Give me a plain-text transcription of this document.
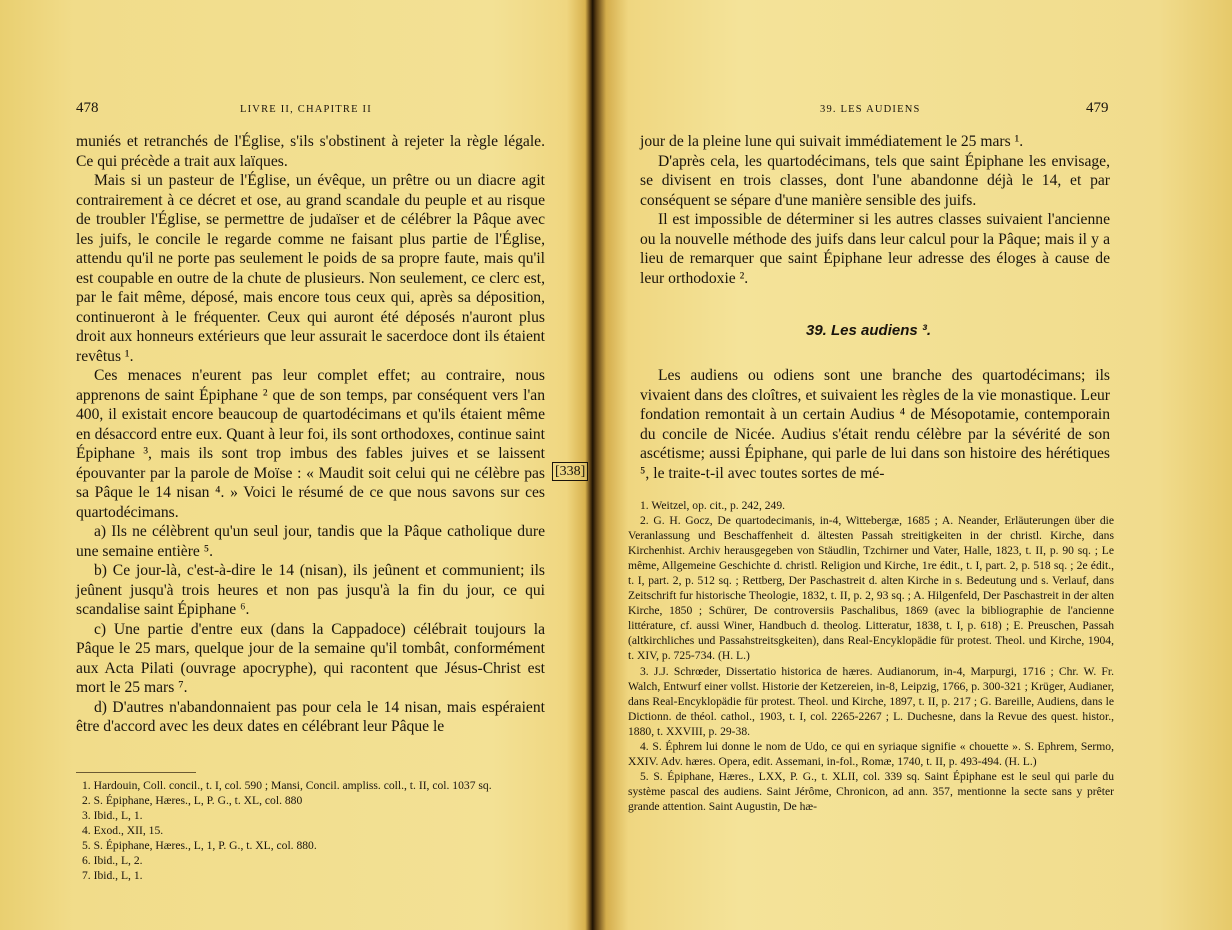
478	LIVRE II, CHAPITRE II

muniés et retranchés de l'Église, s'ils s'obstinent à rejeter la règle légale. Ce qui précède a trait aux laïques.

Mais si un pasteur de l'Église, un évêque, un prêtre ou un diacre agit contrairement à ce décret et ose, au grand scandale du peuple et au risque de troubler l'Église, se permettre de judaïser et de célébrer la Pâque avec les juifs, le concile le regarde comme ne faisant plus partie de l'Église, attendu qu'il ne porte pas seulement le poids de sa propre faute, mais qu'il est coupable en outre de la chute de plusieurs. Non seulement, ce clerc est, par le fait même, déposé, mais encore tous ceux qui, après sa déposition, continueront à le fréquenter. Ceux qui auront été déposés n'auront plus droit aux honneurs extérieurs que leur assurait le sacerdoce dont ils étaient revêtus ¹.

Ces menaces n'eurent pas leur complet effet; au contraire, nous apprenons de saint Épiphane ² que de son temps, par conséquent vers l'an 400, il existait encore beaucoup de quartodécimans et qu'ils étaient même en désaccord entre eux. Quant à leur foi, ils sont orthodoxes, continue saint Épiphane ³, mais ils sont trop imbus des fables juives et se laissent épouvanter par la parole de Moïse : « Maudit soit celui qui ne célèbre pas sa Pâque le 14 nisan ⁴. » Voici le résumé de ce que nous savons sur ces quartodécimans.

a) Ils ne célèbrent qu'un seul jour, tandis que la Pâque catholique dure une semaine entière ⁵.

b) Ce jour-là, c'est-à-dire le 14 (nisan), ils jeûnent et communient; ils jeûnent jusqu'à trois heures et non pas jusqu'à la fin du jour, ce qui scandalise saint Épiphane ⁶.

c) Une partie d'entre eux (dans la Cappadoce) célébrait toujours la Pâque le 25 mars, quelque jour de la semaine qu'il tombât, conformément aux Acta Pilati (ouvrage apocryphe), qui racontent que Jésus-Christ est mort le 25 mars ⁷.

d) D'autres n'abandonnaient pas pour cela le 14 nisan, mais espéraient être d'accord avec les deux dates en célébrant leur Pâque le

[338]

1. Hardouin, Coll. concil., t. I, col. 590 ; Mansi, Concil. ampliss. coll., t. II, col. 1037 sq.

2. S. Épiphane, Hæres., L, P. G., t. XL, col. 880

3. Ibid., L, 1.

4. Exod., XII, 15.

5. S. Épiphane, Hæres., L, 1, P. G., t. XL, col. 880.

6. Ibid., L, 2.

7. Ibid., L, 1.

39. LES AUDIENS	479

jour de la pleine lune qui suivait immédiatement le 25 mars ¹.

D'après cela, les quartodécimans, tels que saint Épiphane les envisage, se divisent en trois classes, dont l'une abandonne déjà le 14, et par conséquent se sépare d'une manière sensible des juifs.

Il est impossible de déterminer si les autres classes suivaient l'ancienne ou la nouvelle méthode des juifs dans leur calcul pour la Pâque; mais il y a lieu de remarquer que saint Épiphane leur adresse des éloges à cause de leur orthodoxie ².

39. Les audiens ³.

Les audiens ou odiens sont une branche des quartodécimans; ils vivaient dans des cloîtres, et suivaient les règles de la vie monastique. Leur fondation remontait à un certain Audius ⁴ de Mésopotamie, contemporain du concile de Nicée. Audius s'était rendu célèbre par la sévérité de son ascétisme; aussi Épiphane, qui parle de lui dans son histoire des hérétiques ⁵, le traite-t-il avec toutes sortes de mé-

1. Weitzel, op. cit., p. 242, 249.

2. G. H. Gocz, De quartodecimanis, in-4, Wittebergæ, 1685 ; A. Neander, Erläuterungen über die Veranlassung und Beschaffenheit d. ältesten Passah streitigkeiten in der christl. Kirche, dans Kirchenhist. Archiv herausgegeben von Stäudlin, Tzchirner und Vater, Halle, 1823, t. II, p. 90 sq. ; Le même, Allgemeine Geschichte d. christl. Religion und Kirche, 1re édit., t. I, part. 2, p. 518 sq. ; 2e édit., t. I, part. 2, p. 512 sq. ; Rettberg, Der Paschastreit d. alten Kirche in s. Bedeutung und s. Verlauf, dans Zeitschrift fur historische Theologie, 1832, t. II, p. 2, 93 sq. ; A. Hilgenfeld, Der Paschastreit in der alten Kirche, 1850 ; Schürer, De controversiis Paschalibus, 1869 (avec la bibliographie de l'ancienne littérature, cf. aussi Winer, Handbuch d. theolog. Litteratur, 1838, t. I, p. 618) ; E. Preuschen, Passah (altkirchliches und Passahstreitsgkeiten), dans Real-Encyklopädie für protest. Theol. und Kirche, 1904, t. XIV, p. 725-734. (H. L.)

3. J.J. Schrœder, Dissertatio historica de hæres. Audianorum, in-4, Marpurgi, 1716 ; Chr. W. Fr. Walch, Entwurf einer vollst. Historie der Ketzereien, in-8, Leipzig, 1766, p. 300-321 ; Krüger, Audianer, dans Real-Encyklopädie für protest. Theol. und Kirche, 1897, t. II, p. 217 ; G. Bareille, Audiens, dans le Dictionn. de théol. cathol., 1903, t. I, col. 2265-2267 ; L. Duchesne, dans la Revue des quest. histor., 1880, t. XXVIII, p. 29-38.

4. S. Éphrem lui donne le nom de Udo, ce qui en syriaque signifie « chouette ». S. Ephrem, Sermo, XXIV. Adv. hæres. Opera, edit. Assemani, in-fol., Romæ, 1740, t. II, p. 493-494. (H. L.)

5. S. Épiphane, Hæres., LXX, P. G., t. XLII, col. 339 sq. Saint Épiphane est le seul qui parle du système pascal des audiens. Saint Jérôme, Chronicon, ad ann. 357, mentionne la secte sans y prêter grande attention. Saint Augustin, De hæ-
